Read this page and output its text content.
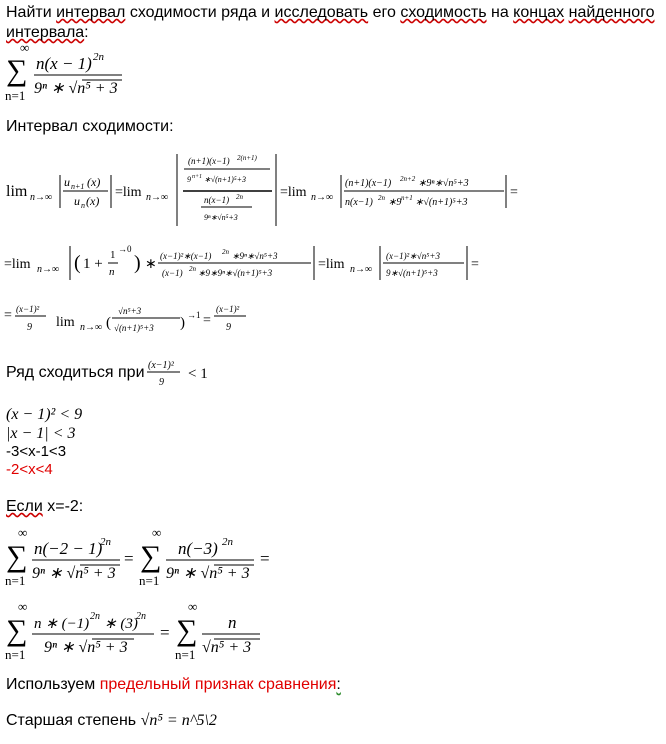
Найти интервал сходимости ряда и исследовать его сходимость на концах найденного
интервала:
∞
∑
n=1
n(x − 1) 2n
9ⁿ ∗ √n⁵ + 3
Интервал сходимости:
lim n→∞
u n+1 (x)
u n (x)
=lim n→∞
(n+1)(x−1) 2(n+1)
9 n+1 ∗√(n+1)⁵+3
n(x−1) 2n
9ⁿ∗√n⁵+3
=lim n→∞
(n+1)(x−1) 2n+2 ∗9ⁿ∗√n⁵+3
n(x−1) 2n ∗9 n+1 ∗√(n+1)⁵+3
=
=lim n→∞ ( 1 +
1 →0
n ) ∗
(x−1)²∗(x−1) 2n ∗9ⁿ∗√n⁵+3
(x−1) 2n ∗9∗9ⁿ∗√(n+1)⁵+3
=lim n→∞
(x−1)²∗√n⁵+3
9∗√(n+1)⁵+3
=
= (x−1)²
9 lim n→∞ (
√n⁵+3
√(n+1)⁵+3 ) →1 =
(x−1)²
9
Ряд сходиться при (x−1)²
9
< 1
(x − 1)² < 9
|x − 1| < 3
-3<x-1<3
-2<x<4
Если x=-2:
∞
∑
n=1
n(−2 − 1)
2n
9ⁿ ∗ √n⁵ + 3
=
∞
∑
n=1
n(−3) 2n
9ⁿ ∗ √n⁵ + 3
=
∞
∑
n=1
n ∗ (−1) 2n ∗ (3)
2n
9ⁿ ∗ √n⁵ + 3
=
∞
∑
n=1
n
√n⁵ + 3
Используем предельный признак сравнения:
Старшая степень √n⁵ = n^5\2
